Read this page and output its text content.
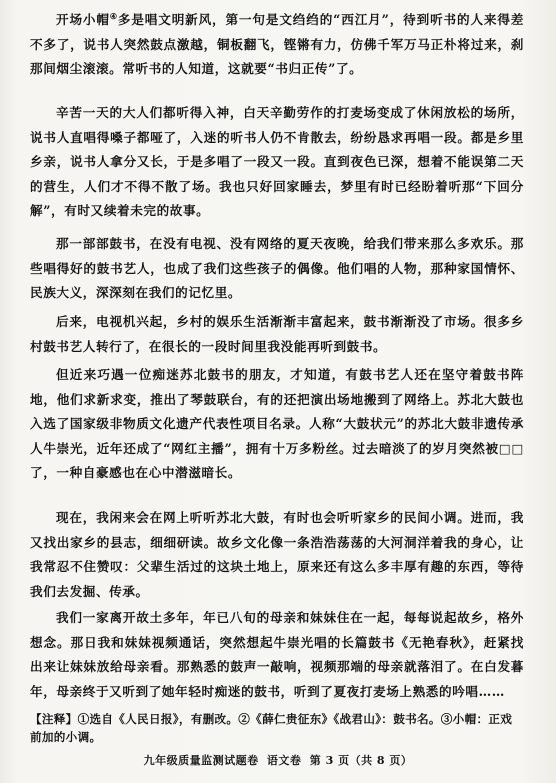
开场小帽④多是唱文明新风，第一句是文绉绉的“西江月”，待到听书的人来得差不多了，说书人突然鼓点激越，铜板翻飞，铿锵有力，仿佛千军万马正朴将过来，刹那间烟尘滚滚。常听书的人知道，这就要“书归正传”了。

辛苦一天的大人们都听得入神，白天辛勤劳作的打麦场变成了休闲放松的场所，说书人直唱得嗓子都哑了，入迷的听书人仍不肯散去，纷纷恳求再唱一段。都是乡里乡亲，说书人拿分又长，于是多唱了一段又一段。直到夜色已深，想着不能误第二天的营生，人们才不得不散了场。我也只好回家睡去，梦里有时已经盼着听那“下回分解”，有时又续着未完的故事。

那一部部鼓书，在没有电视、没有网络的夏天夜晚，给我们带来那么多欢乐。那些唱得好的鼓书艺人，也成了我们这些孩子的偶像。他们唱的人物，那种家国情怀、民族大义，深深刻在我们的记忆里。

后来，电视机兴起，乡村的娱乐生活渐渐丰富起来，鼓书渐渐没了市场。很多乡村鼓书艺人转行了，在很长的一段时间里我没能再听到鼓书。

但近来巧遇一位痴迷苏北鼓书的朋友，才知道，有鼓书艺人还在坚守着鼓书阵地，他们求新求变，推出了琴鼓联台，有的还把演出场地搬到了网络上。苏北大鼓也入选了国家级非物质文化遗产代表性项目名录。人称“大鼓状元”的苏北大鼓非遗传承人牛崇光，近年还成了“网红主播”，拥有十万多粉丝。过去暗淡了的岁月突然被□□了，一种自豪感也在心中潜滋暗长。

现在，我闲来会在网上听听苏北大鼓，有时也会听听家乡的民间小调。进而，我又找出家乡的县志，细细研读。故乡文化像一条浩浩荡荡的大河洞洋着我的身心，让我常忍不住赞叹：父辈生活过的这块土地上，原来还有这么多丰厚有趣的东西，等待我们去发掘、传承。

我们一家离开故土多年，年已八旬的母亲和妹妹住在一起，每每说起故乡，格外想念。那日我和妹妹视频通话，突然想起牛崇光唱的长篇鼓书《无艳春秋》，赶紧找出来让妹妹放给母亲看。那熟悉的鼓声一敲响，视频那端的母亲就落泪了。在白发暮年，母亲终于又听到了她年轻时痴迷的鼓书，听到了夏夜打麦场上熟悉的吟唱……

【注释】①选自《人民日报》，有删改。②《薛仁贵征东》《战君山》：鼓书名。③小帽：正戏前加的小调。
九年级质量监测试题卷 语文卷 第 3 页（共 8 页）
